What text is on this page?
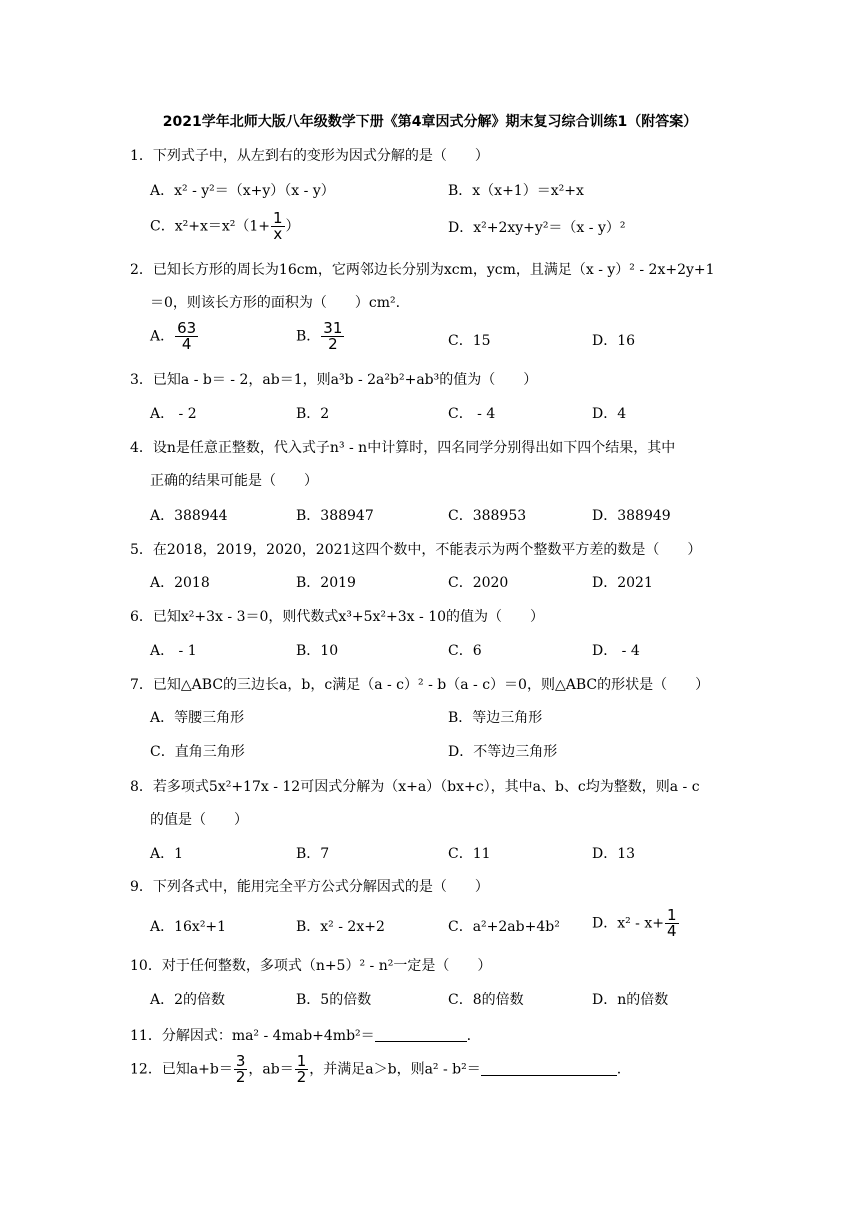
2021学年北师大版八年级数学下册《第4章因式分解》期末复习综合训练1（附答案）
1．下列式子中，从左到右的变形为因式分解的是（　　）
A．x² - y²＝（x+y）（x - y）	B．x（x+1）＝x²+x
C．$x^2+x=x^2(1+ \frac{1}{x}$ ）	D．x²+2xy+y²＝（x - y）²
2．已知长方形的周长为16cm，它两邻边长分别为xcm，ycm，且满足（x - y）² - 2x+2y+1
＝0，则该长方形的面积为（　　）cm².
A． $\frac{63}{4}$	B． $\frac{31}{2}$	C．15	D．16
3．已知a - b＝ - 2，ab＝1，则a³b - 2a²b²+ab³的值为（　　）
A． - 2	B．2	C． - 4	D．4
4．设n是任意正整数，代入式子n³ - n中计算时，四名同学分别得出如下四个结果，其中
正确的结果可能是（　　）
A．388944	B．388947	C．388953	D．388949
5．在2018，2019，2020，2021这四个数中，不能表示为两个整数平方差的数是（　　）
A．2018	B．2019	C．2020	D．2021
6．已知x²+3x - 3＝0，则代数式x³+5x²+3x - 10的值为（　　）
A． - 1	B．10	C．6	D． - 4
7．已知△ABC的三边长a，b，c满足（a - c）² - b（a - c）＝0，则△ABC的形状是（　　）
A．等腰三角形	B．等边三角形
C．直角三角形	D．不等边三角形
8．若多项式5x²+17x - 12可因式分解为（x+a）（bx+c），其中a、b、c均为整数，则a - c
的值是（　　）
A．1	B．7	C．11	D．13
9．下列各式中，能用完全平方公式分解因式的是（　　）
A．16x²+1	B．x² - 2x+2	C．a²+2ab+4b² D．$x^2 - x+ \frac{1}{4}$
10．对于任何整数，多项式（n+5）² - n²一定是（　　）
A．2的倍数	B．5的倍数	C．8的倍数	D．n的倍数
11．分解因式：ma² - 4mab+4mb²＝	.
12．已知$a+b= \frac{3}{2}$ ，$ab= \frac{1}{2}$ ，并满足a＞b，则a² - b²＝	.
